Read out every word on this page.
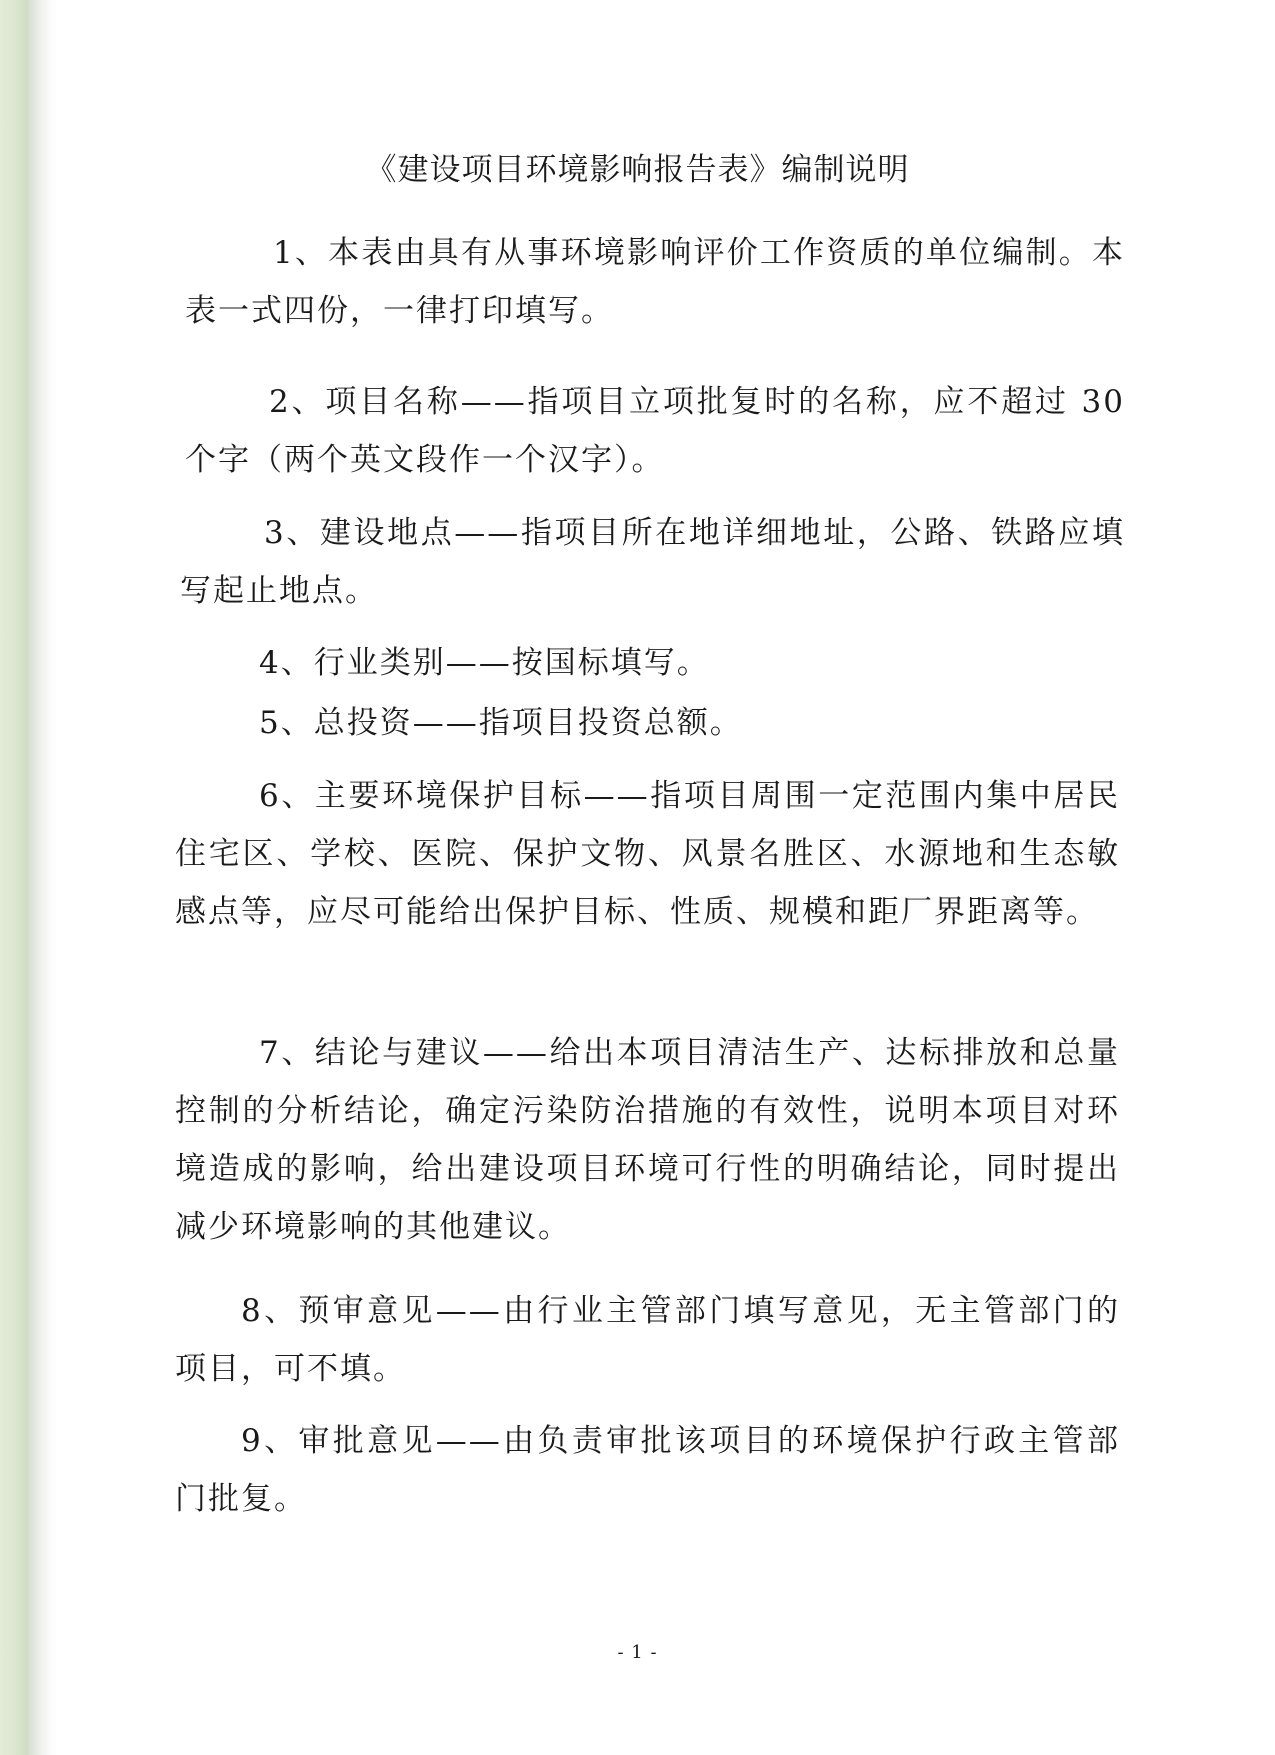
《建设项目环境影响报告表》编制说明

1、本表由具有从事环境影响评价工作资质的单位编制。本表一式四份，一律打印填写。

2、项目名称——指项目立项批复时的名称，应不超过 30 个字（两个英文段作一个汉字）。

3、建设地点——指项目所在地详细地址，公路、铁路应填写起止地点。

4、行业类别——按国标填写。

5、总投资——指项目投资总额。

6、主要环境保护目标——指项目周围一定范围内集中居民住宅区、学校、医院、保护文物、风景名胜区、水源地和生态敏感点等，应尽可能给出保护目标、性质、规模和距厂界距离等。

7、结论与建议——给出本项目清洁生产、达标排放和总量控制的分析结论，确定污染防治措施的有效性，说明本项目对环境造成的影响，给出建设项目环境可行性的明确结论，同时提出减少环境影响的其他建议。

8、预审意见——由行业主管部门填写意见，无主管部门的项目，可不填。

9、审批意见——由负责审批该项目的环境保护行政主管部门批复。

- 1 -
